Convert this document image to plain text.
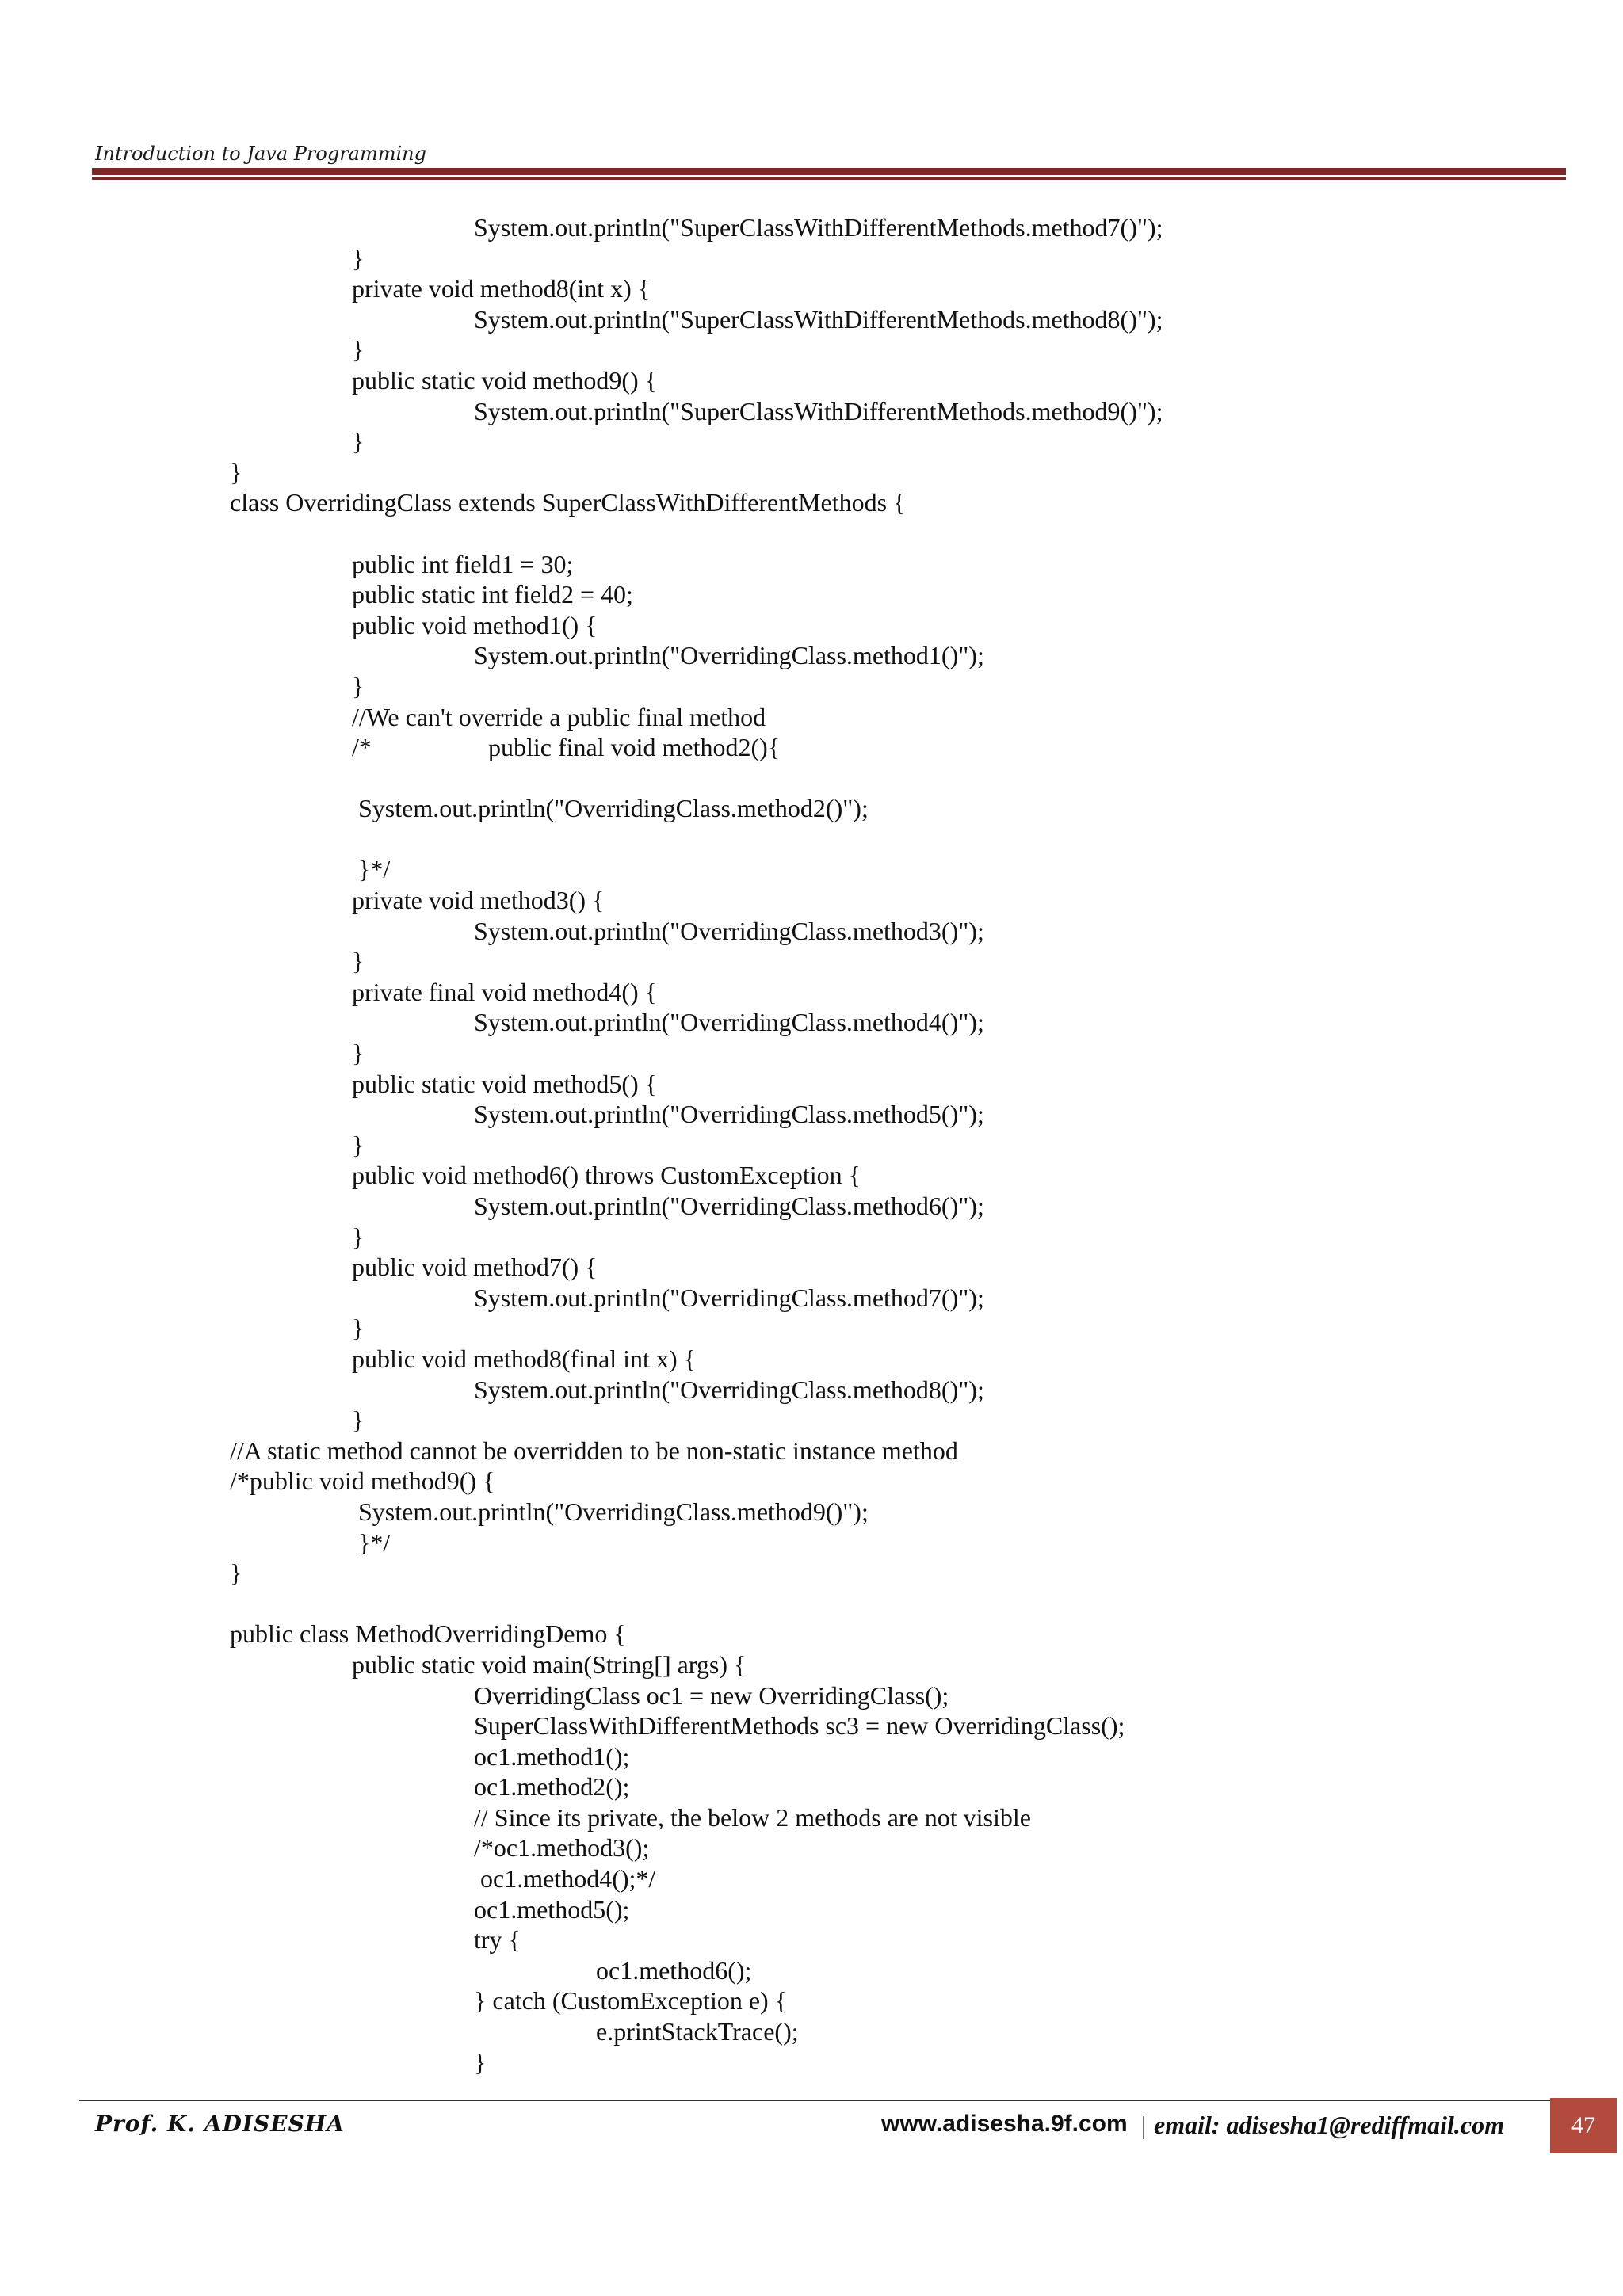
Introduction to Java Programming
System.out.println("SuperClassWithDifferentMethods.method7()");
}
private void method8(int x) {
System.out.println("SuperClassWithDifferentMethods.method8()");
}
public static void method9() {
System.out.println("SuperClassWithDifferentMethods.method9()");
}
}
class OverridingClass extends SuperClassWithDifferentMethods {
public int field1 = 30;
public static int field2 = 40;
public void method1() {
System.out.println("OverridingClass.method1()");
}
//We can't override a public final method
/*	public final void method2(){
System.out.println("OverridingClass.method2()");
}*/
private void method3() {
System.out.println("OverridingClass.method3()");
}
private final void method4() {
System.out.println("OverridingClass.method4()");
}
public static void method5() {
System.out.println("OverridingClass.method5()");
}
public void method6() throws CustomException {
System.out.println("OverridingClass.method6()");
}
public void method7() {
System.out.println("OverridingClass.method7()");
}
public void method8(final int x) {
System.out.println("OverridingClass.method8()");
}
//A static method cannot be overridden to be non-static instance method
/*public void method9() {
System.out.println("OverridingClass.method9()");
}*/
}
public class MethodOverridingDemo {
public static void main(String[] args) {
OverridingClass oc1 = new OverridingClass();
SuperClassWithDifferentMethods sc3 = new OverridingClass();
oc1.method1();
oc1.method2();
// Since its private, the below 2 methods are not visible
/*oc1.method3();
oc1.method4();*/
oc1.method5();
try {
oc1.method6();
} catch (CustomException e) {
e.printStackTrace();
}
Prof. K. ADISESHA	www.adisesha.9f.com | email: adisesha1@rediffmail.com	47
